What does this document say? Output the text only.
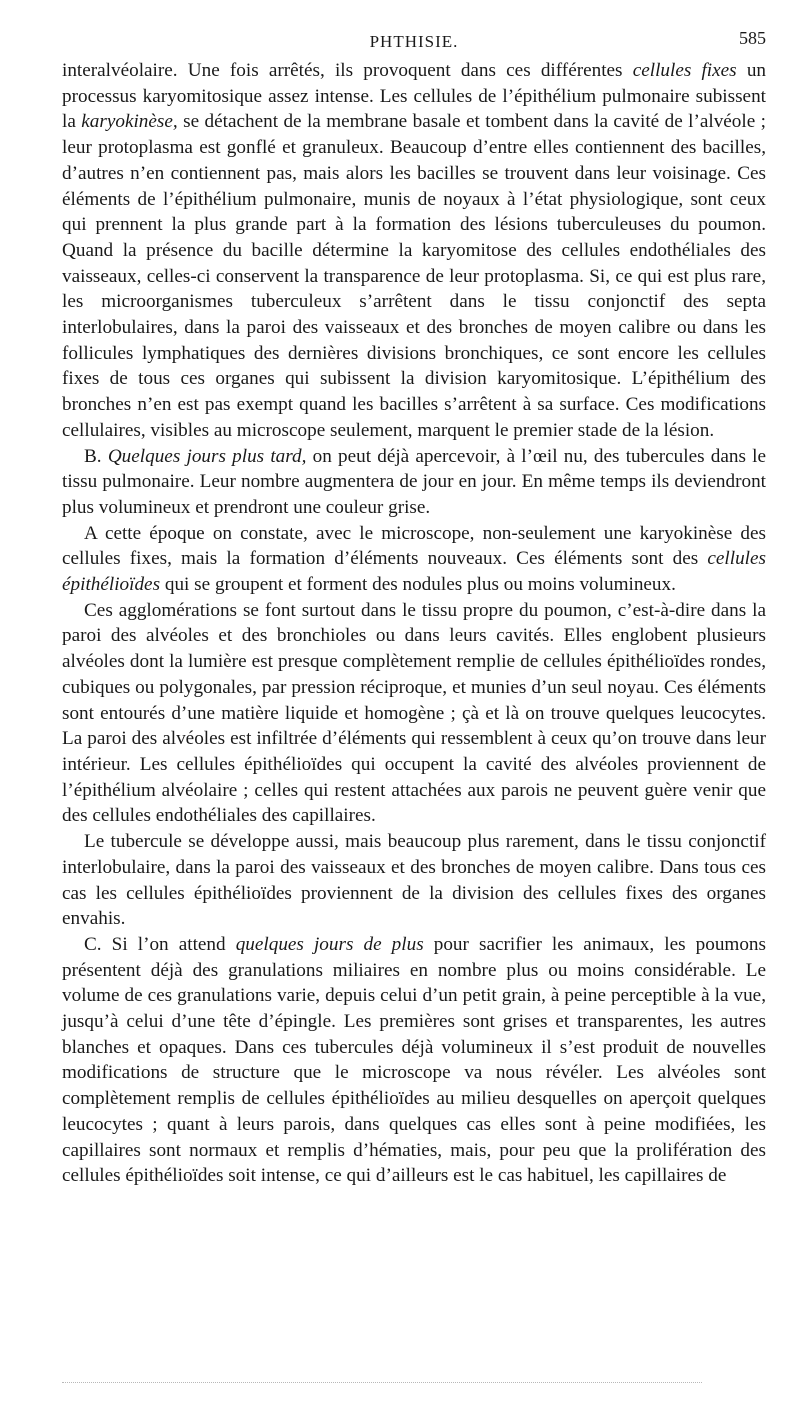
PHTHISIE.	585

interalvéolaire. Une fois arrêtés, ils provoquent dans ces différentes cellules fixes un processus karyomitosique assez intense. Les cellules de l’épithélium pulmonaire subissent la karyokinèse, se détachent de la membrane basale et tombent dans la cavité de l’alvéole ; leur protoplasma est gonflé et granuleux. Beaucoup d’entre elles contiennent des bacilles, d’autres n’en contiennent pas, mais alors les bacilles se trouvent dans leur voisinage. Ces éléments de l’épithélium pulmonaire, munis de noyaux à l’état physiologique, sont ceux qui prennent la plus grande part à la formation des lésions tuberculeuses du poumon. Quand la présence du bacille détermine la karyomitose des cellules endothéliales des vaisseaux, celles-ci conservent la transparence de leur protoplasma. Si, ce qui est plus rare, les microorganismes tuberculeux s’arrêtent dans le tissu conjonctif des septa interlobulaires, dans la paroi des vaisseaux et des bronches de moyen calibre ou dans les follicules lymphatiques des dernières divisions bronchiques, ce sont encore les cellules fixes de tous ces organes qui subissent la division karyomitosique. L’épithélium des bronches n’en est pas exempt quand les bacilles s’arrêtent à sa surface. Ces modifications cellulaires, visibles au microscope seulement, marquent le premier stade de la lésion.

B. Quelques jours plus tard, on peut déjà apercevoir, à l’œil nu, des tubercules dans le tissu pulmonaire. Leur nombre augmentera de jour en jour. En même temps ils deviendront plus volumineux et prendront une couleur grise.

A cette époque on constate, avec le microscope, non-seulement une karyokinèse des cellules fixes, mais la formation d’éléments nouveaux. Ces éléments sont des cellules épithélioïdes qui se groupent et forment des nodules plus ou moins volumineux.

Ces agglomérations se font surtout dans le tissu propre du poumon, c’est-à-dire dans la paroi des alvéoles et des bronchioles ou dans leurs cavités. Elles englobent plusieurs alvéoles dont la lumière est presque complètement remplie de cellules épithélioïdes rondes, cubiques ou polygonales, par pression réciproque, et munies d’un seul noyau. Ces éléments sont entourés d’une matière liquide et homogène ; çà et là on trouve quelques leucocytes. La paroi des alvéoles est infiltrée d’éléments qui ressemblent à ceux qu’on trouve dans leur intérieur. Les cellules épithélioïdes qui occupent la cavité des alvéoles proviennent de l’épithélium alvéolaire ; celles qui restent attachées aux parois ne peuvent guère venir que des cellules endothéliales des capillaires.

Le tubercule se développe aussi, mais beaucoup plus rarement, dans le tissu conjonctif interlobulaire, dans la paroi des vaisseaux et des bronches de moyen calibre. Dans tous ces cas les cellules épithélioïdes proviennent de la division des cellules fixes des organes envahis.

C. Si l’on attend quelques jours de plus pour sacrifier les animaux, les poumons présentent déjà des granulations miliaires en nombre plus ou moins considérable. Le volume de ces granulations varie, depuis celui d’un petit grain, à peine perceptible à la vue, jusqu’à celui d’une tête d’épingle. Les premières sont grises et transparentes, les autres blanches et opaques. Dans ces tubercules déjà volumineux il s’est produit de nouvelles modifications de structure que le microscope va nous révéler. Les alvéoles sont complètement remplis de cellules épithélioïdes au milieu desquelles on aperçoit quelques leucocytes ; quant à leurs parois, dans quelques cas elles sont à peine modifiées, les capillaires sont normaux et remplis d’hématies, mais, pour peu que la prolifération des cellules épithélioïdes soit intense, ce qui d’ailleurs est le cas habituel, les capillaires de
